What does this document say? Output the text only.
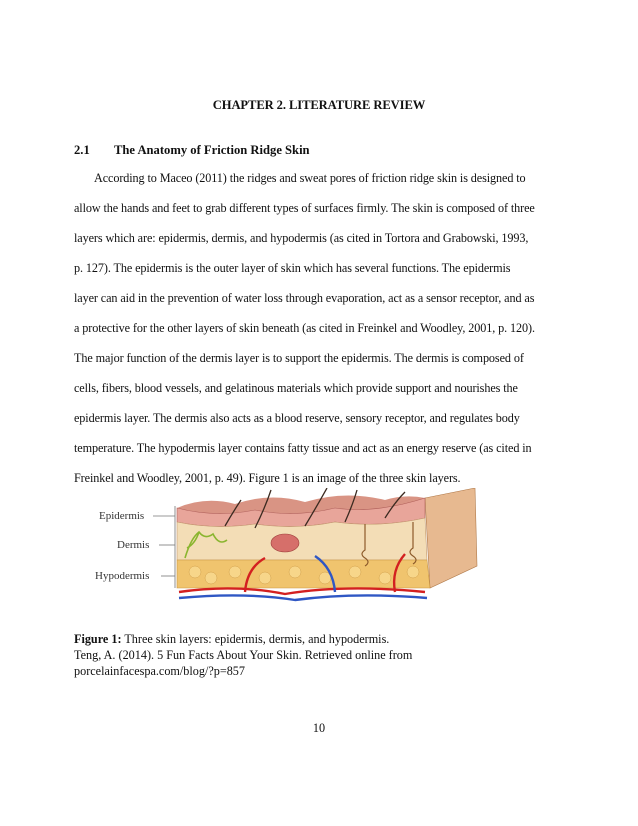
CHAPTER 2. LITERATURE REVIEW
2.1 The Anatomy of Friction Ridge Skin
According to Maceo (2011) the ridges and sweat pores of friction ridge skin is designed to
allow the hands and feet to grab different types of surfaces firmly. The skin is composed of three
layers which are: epidermis, dermis, and hypodermis (as cited in Tortora and Grabowski, 1993,
p. 127). The epidermis is the outer layer of skin which has several functions. The epidermis
layer can aid in the prevention of water loss through evaporation, act as a sensor receptor, and as
a protective for the other layers of skin beneath (as cited in Freinkel and Woodley, 2001, p. 120).
The major function of the dermis layer is to support the epidermis. The dermis is composed of
cells, fibers, blood vessels, and gelatinous materials which provide support and nourishes the
epidermis layer. The dermis also acts as a blood reserve, sensory receptor, and regulates body
temperature. The hypodermis layer contains fatty tissue and act as an energy reserve (as cited in
Freinkel and Woodley, 2001, p. 49). Figure 1 is an image of the three skin layers.
Epidermis
Dermis
Hypodermis
Figure 1: Three skin layers: epidermis, dermis, and hypodermis.
Teng, A. (2014). 5 Fun Facts About Your Skin. Retrieved online from
porcelainfacespa.com/blog/?p=857
10
